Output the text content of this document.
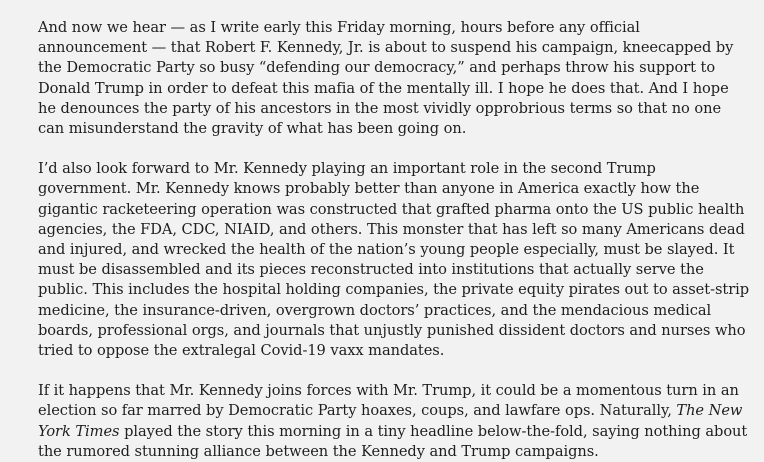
And now we hear — as I write early this Friday morning, hours before any official announcement — that Robert F. Kennedy, Jr. is about to suspend his campaign, kneecapped by the Democratic Party so busy “defending our democracy,” and perhaps throw his support to Donald Trump in order to defeat this mafia of the mentally ill. I hope he does that. And I hope he denounces the party of his ancestors in the most vividly opprobrious terms so that no one can misunderstand the gravity of what has been going on.

I’d also look forward to Mr. Kennedy playing an important role in the second Trump government. Mr. Kennedy knows probably better than anyone in America exactly how the gigantic racketeering operation was constructed that grafted pharma onto the US public health agencies, the FDA, CDC, NIAID, and others. This monster that has left so many Americans dead and injured, and wrecked the health of the nation’s young people especially, must be slayed. It must be disassembled and its pieces reconstructed into institutions that actually serve the public. This includes the hospital holding companies, the private equity pirates out to asset-strip medicine, the insurance-driven, overgrown doctors’ practices, and the mendacious medical boards, professional orgs, and journals that unjustly punished dissident doctors and nurses who tried to oppose the extralegal Covid-19 vaxx mandates.

If it happens that Mr. Kennedy joins forces with Mr. Trump, it could be a momentous turn in an election so far marred by Democratic Party hoaxes, coups, and lawfare ops. Naturally, The New York Times played the story this morning in a tiny headline below-the-fold, saying nothing about the rumored stunning alliance between the Kennedy and Trump campaigns.
